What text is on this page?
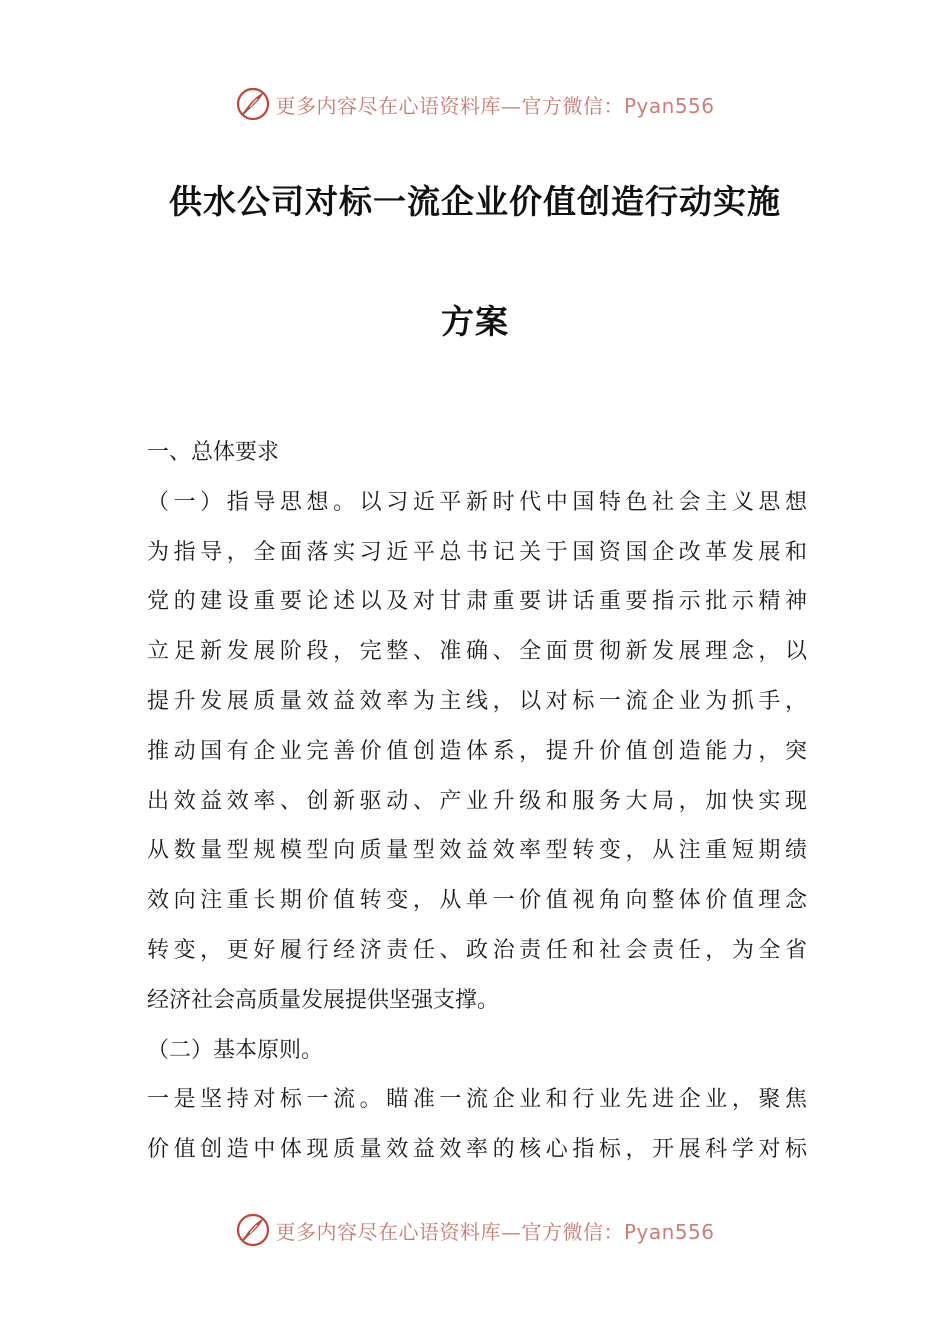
更多内容尽在心语资料库—官方微信：Pyan556
供水公司对标一流企业价值创造行动实施
方案
一、总体要求
（一）指导思想。以习近平新时代中国特色社会主义思想
为指导，全面落实习近平总书记关于国资国企改革发展和
党的建设重要论述以及对甘肃重要讲话重要指示批示精神
立足新发展阶段，完整、准确、全面贯彻新发展理念，以
提升发展质量效益效率为主线，以对标一流企业为抓手，
推动国有企业完善价值创造体系，提升价值创造能力，突
出效益效率、创新驱动、产业升级和服务大局，加快实现
从数量型规模型向质量型效益效率型转变，从注重短期绩
效向注重长期价值转变，从单一价值视角向整体价值理念
转变，更好履行经济责任、政治责任和社会责任，为全省
经济社会高质量发展提供坚强支撑。
（二）基本原则。
一是坚持对标一流。瞄准一流企业和行业先进企业，聚焦
价值创造中体现质量效益效率的核心指标，开展科学对标
更多内容尽在心语资料库—官方微信：Pyan556
